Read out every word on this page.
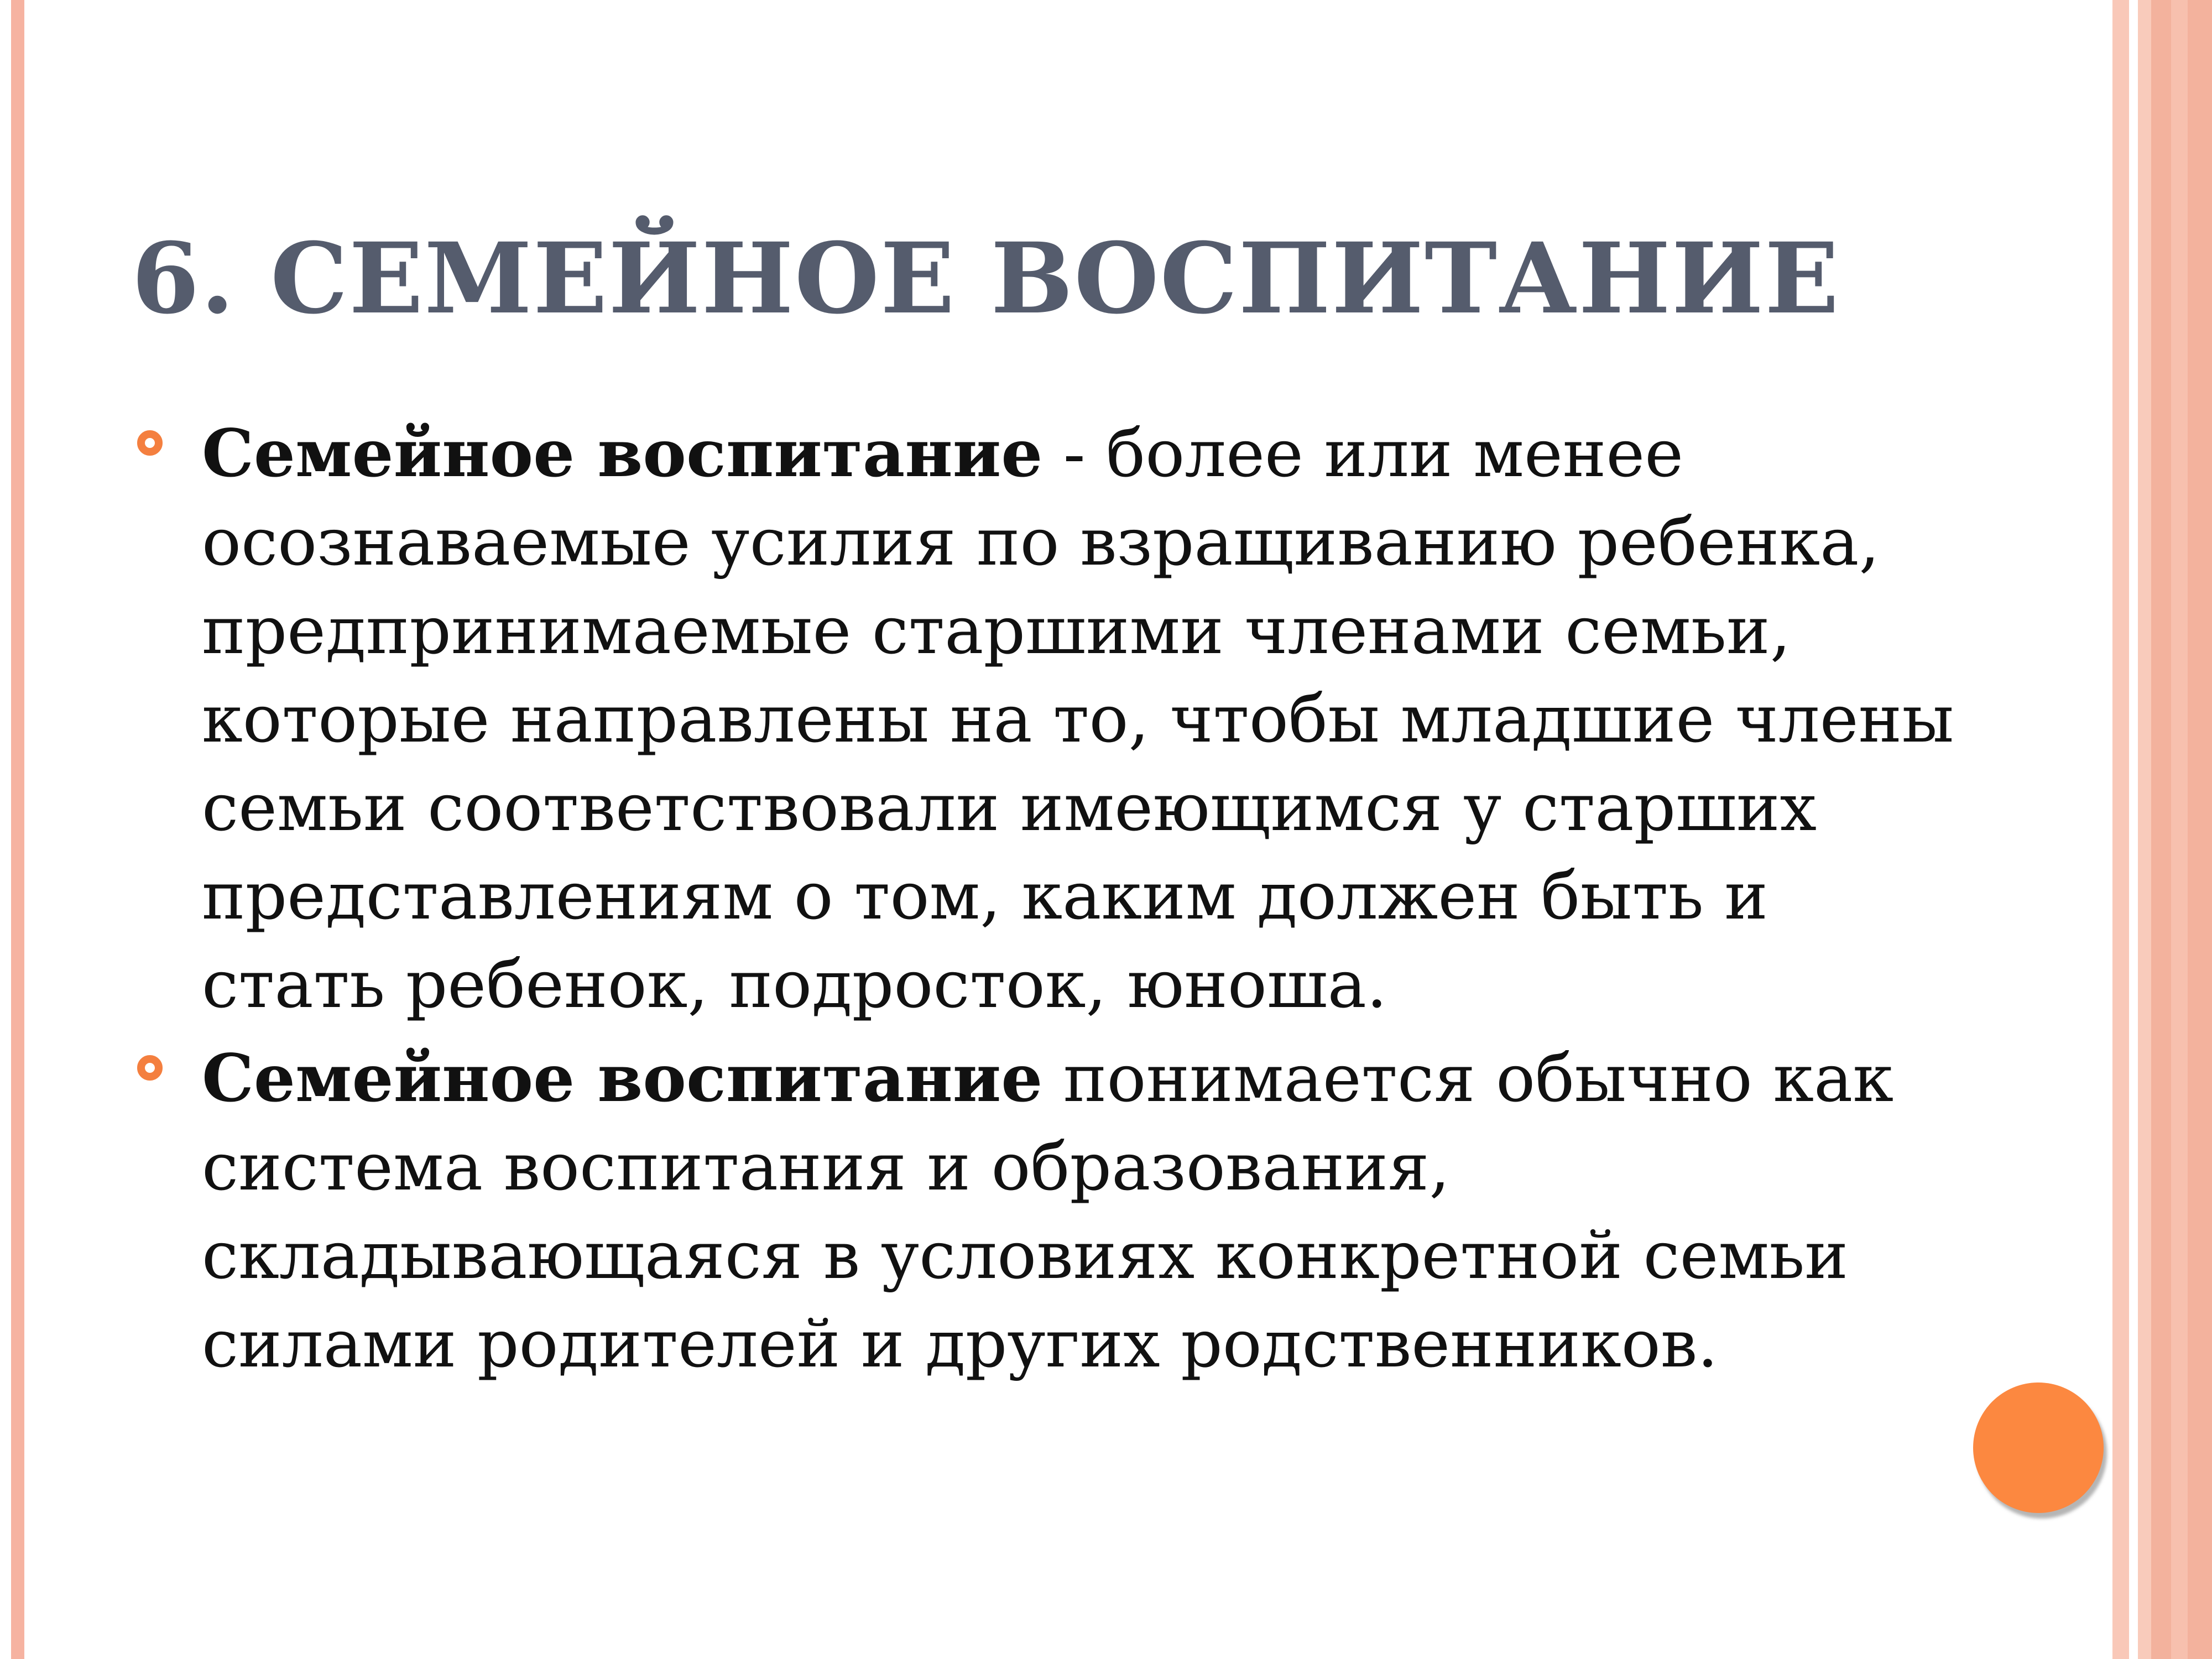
6. СЕМЕЙНОЕ ВОСПИТАНИЕ
Семейное воспитание - более или менее осознаваемые усилия по взращиванию ребенка, предпринимаемые старшими членами семьи, которые направлены на то, чтобы младшие члены семьи соответствовали имеющимся у старших представлениям о том, каким должен быть и стать ребенок, подросток, юноша.
Семейное воспитание понимается обычно как система воспитания и образования, складывающаяся в условиях конкретной семьи силами родителей и других родственников.
